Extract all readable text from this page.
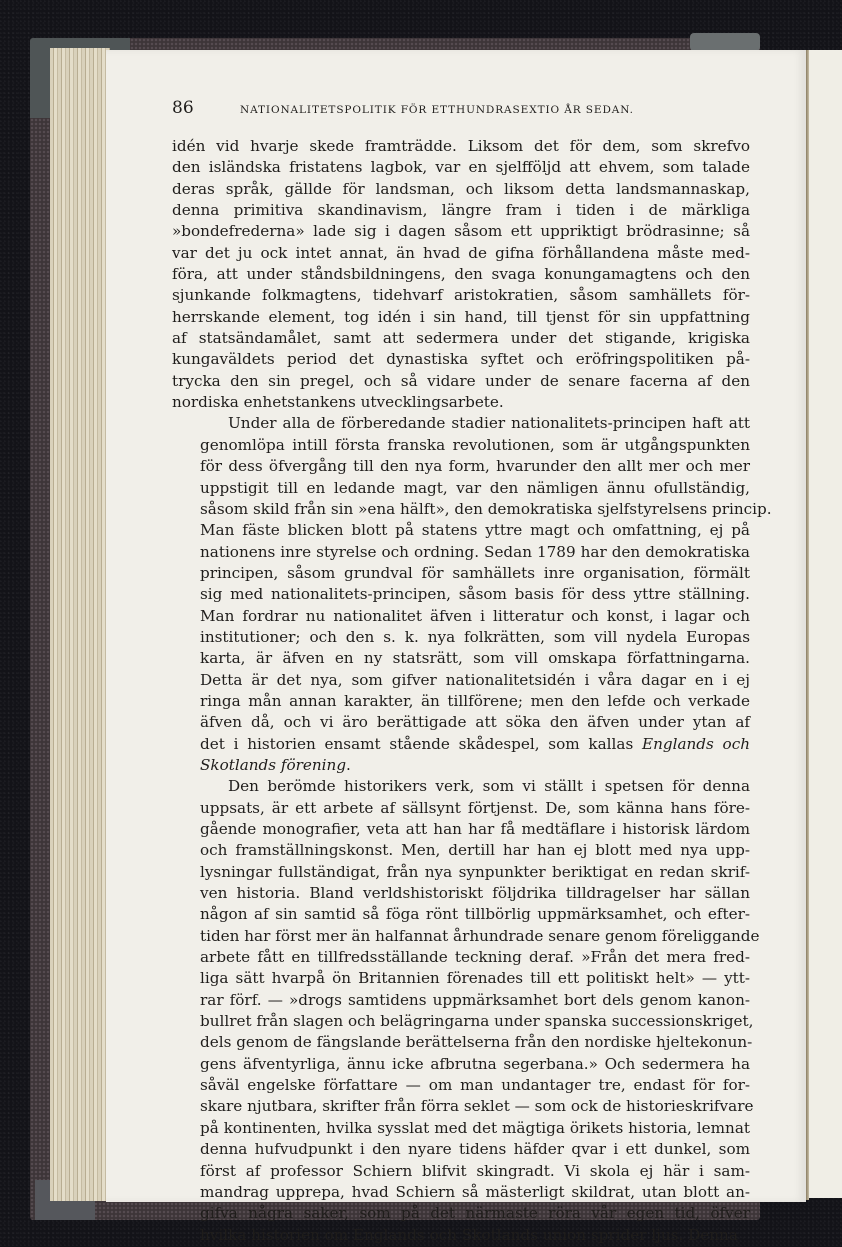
86	NATIONALITETSPOLITIK FÖR ETTHUNDRASEXTIO ÅR SEDAN.
idén vid hvarje skede framträdde. Liksom det för dem, som skrefvo
den isländska fristatens lagbok, var en sjelfföljd att ehvem, som talade
deras språk, gällde för landsman, och liksom detta landsmannaskap,
denna primitiva skandinavism, längre fram i tiden i de märkliga
»bondefrederna» lade sig i dagen såsom ett uppriktigt brödrasinne; så
var det ju ock intet annat, än hvad de gifna förhållandena måste med-
föra, att under ståndsbildningens, den svaga konungamagtens och den
sjunkande folkmagtens, tidehvarf aristokratien, såsom samhällets för-
herrskande element, tog idén i sin hand, till tjenst för sin uppfattning
af statsändamålet, samt att sedermera under det stigande, krigiska
kungaväldets period det dynastiska syftet och eröfringspolitiken på-
trycka den sin pregel, och så vidare under de senare facerna af den
nordiska enhetstankens utvecklingsarbete.
Under alla de förberedande stadier nationalitets-principen haft att
genomlöpa intill första franska revolutionen, som är utgångspunkten
för dess öfvergång till den nya form, hvarunder den allt mer och mer
uppstigit till en ledande magt, var den nämligen ännu ofullständig,
såsom skild från sin »ena hälft», den demokratiska sjelfstyrelsens princip.
Man fäste blicken blott på statens yttre magt och omfattning, ej på
nationens inre styrelse och ordning. Sedan 1789 har den demokratiska
principen, såsom grundval för samhällets inre organisation, förmält
sig med nationalitets-principen, såsom basis för dess yttre ställning.
Man fordrar nu nationalitet äfven i litteratur och konst, i lagar och
institutioner; och den s. k. nya folkrätten, som vill nydela Europas
karta, är äfven en ny statsrätt, som vill omskapa författningarna.
Detta är det nya, som gifver nationalitetsidén i våra dagar en i ej
ringa mån annan karakter, än tillförene; men den lefde och verkade
äfven då, och vi äro berättigade att söka den äfven under ytan af
det i historien ensamt stående skådespel, som kallas Englands och
Skotlands förening.
Den berömde historikers verk, som vi ställt i spetsen för denna
uppsats, är ett arbete af sällsynt förtjenst. De, som känna hans före-
gående monografier, veta att han har få medtäflare i historisk lärdom
och framställningskonst. Men, dertill har han ej blott med nya upp-
lysningar fullständigat, från nya synpunkter beriktigat en redan skrif-
ven historia. Bland verldshistoriskt följdrika tilldragelser har sällan
någon af sin samtid så föga rönt tillbörlig uppmärksamhet, och efter-
tiden har först mer än halfannat århundrade senare genom föreliggande
arbete fått en tillfredsställande teckning deraf. »Från det mera fred-
liga sätt hvarpå ön Britannien förenades till ett politiskt helt» — ytt-
rar förf. — »drogs samtidens uppmärksamhet bort dels genom kanon-
bullret från slagen och belägringarna under spanska successionskriget,
dels genom de fängslande berättelserna från den nordiske hjeltekonun-
gens äfventyrliga, ännu icke afbrutna segerbana.» Och sedermera ha
såväl engelske författare — om man undantager tre, endast för for-
skare njutbara, skrifter från förra seklet — som ock de historieskrifvare
på kontinenten, hvilka sysslat med det mägtiga örikets historia, lemnat
denna hufvudpunkt i den nyare tidens häfder qvar i ett dunkel, som
först af professor Schiern blifvit skingradt. Vi skola ej här i sam-
mandrag upprepa, hvad Schiern så mästerligt skildrat, utan blott an-
gifva några saker, som på det närmaste röra vår egen tid, öfver
hvilka historien om Englands och Skotlands union sprider ljus. Denna
